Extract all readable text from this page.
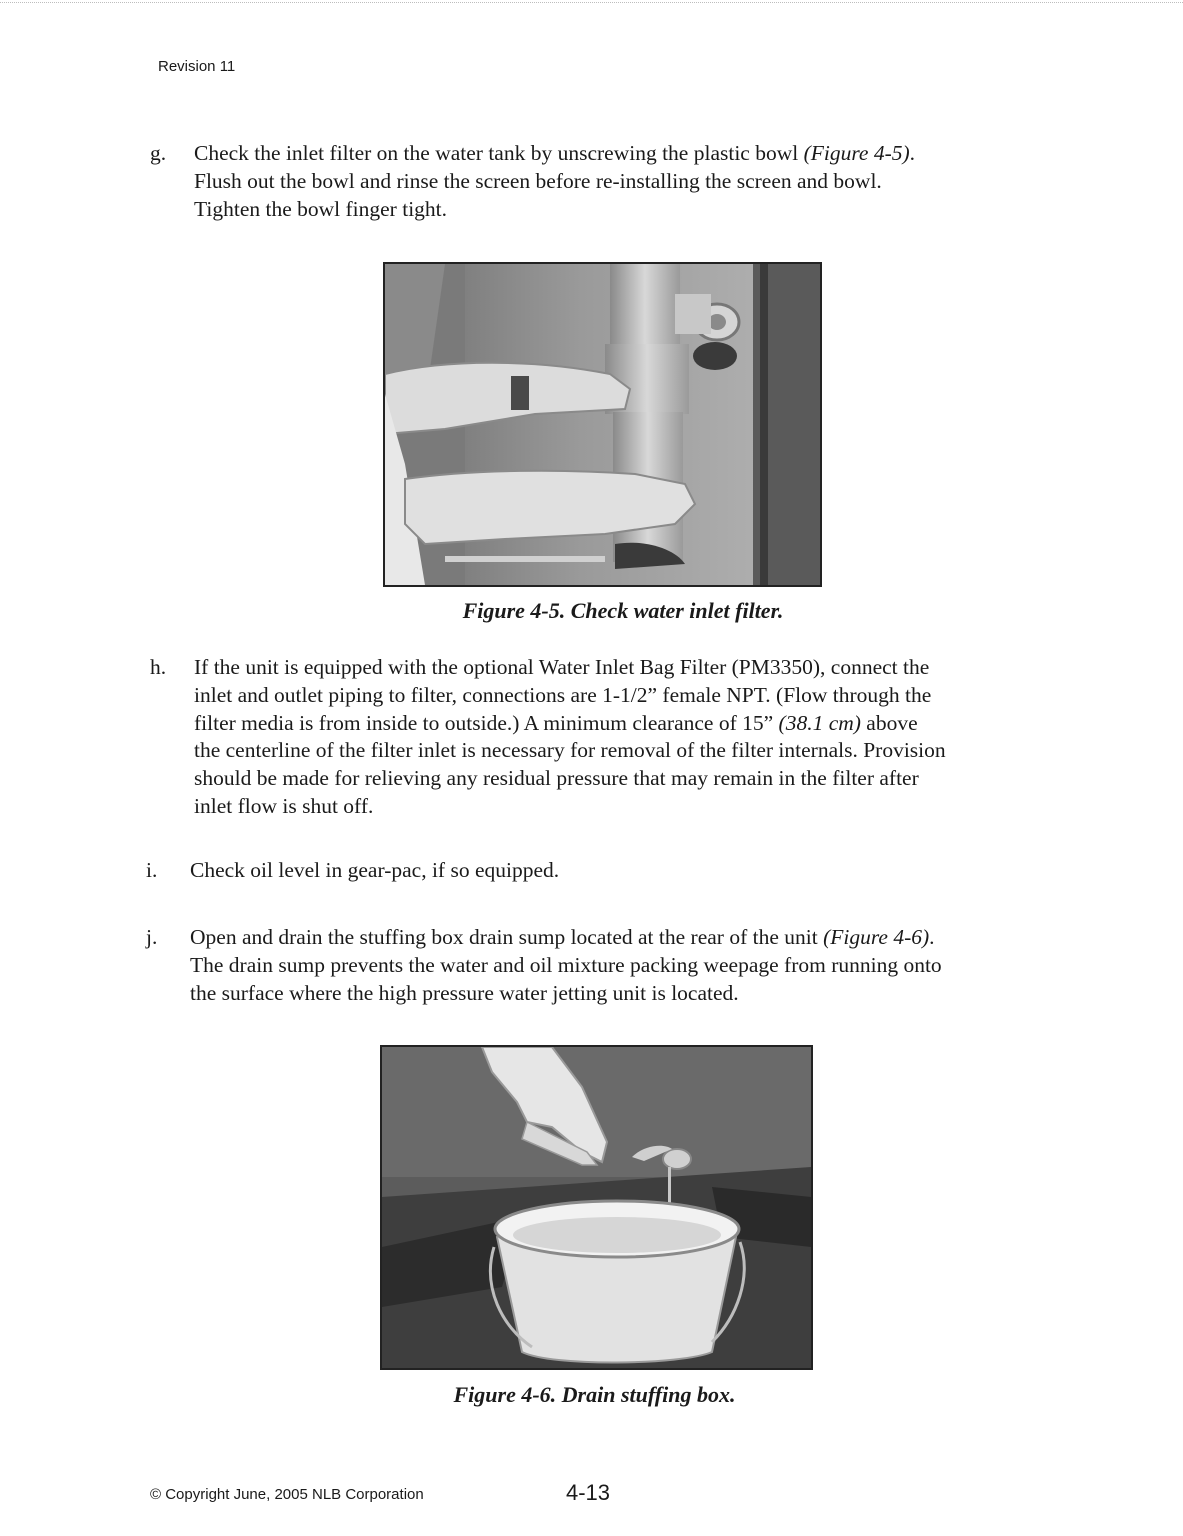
Revision 11
g. Check the inlet filter on the water tank by unscrewing the plastic bowl (Figure 4-5).
Flush out the bowl and rinse the screen before re-installing the screen and bowl.
Tighten the bowl finger tight.
Figure 4-5. Check water inlet filter.
h. If the unit is equipped with the optional Water Inlet Bag Filter (PM3350), connect the
inlet and outlet piping to filter, connections are 1-1/2” female NPT. (Flow through the
filter media is from inside to outside.) A minimum clearance of 15” (38.1 cm) above
the centerline of the filter inlet is necessary for removal of the filter internals. Provision
should be made for relieving any residual pressure that may remain in the filter after
inlet flow is shut off.
i. Check oil level in gear-pac, if so equipped.
j. Open and drain the stuffing box drain sump located at the rear of the unit (Figure 4-6).
The drain sump prevents the water and oil mixture packing weepage from running onto
the surface where the high pressure water jetting unit is located.
Figure 4-6. Drain stuffing box.
© Copyright June, 2005 NLB Corporation	4-13
